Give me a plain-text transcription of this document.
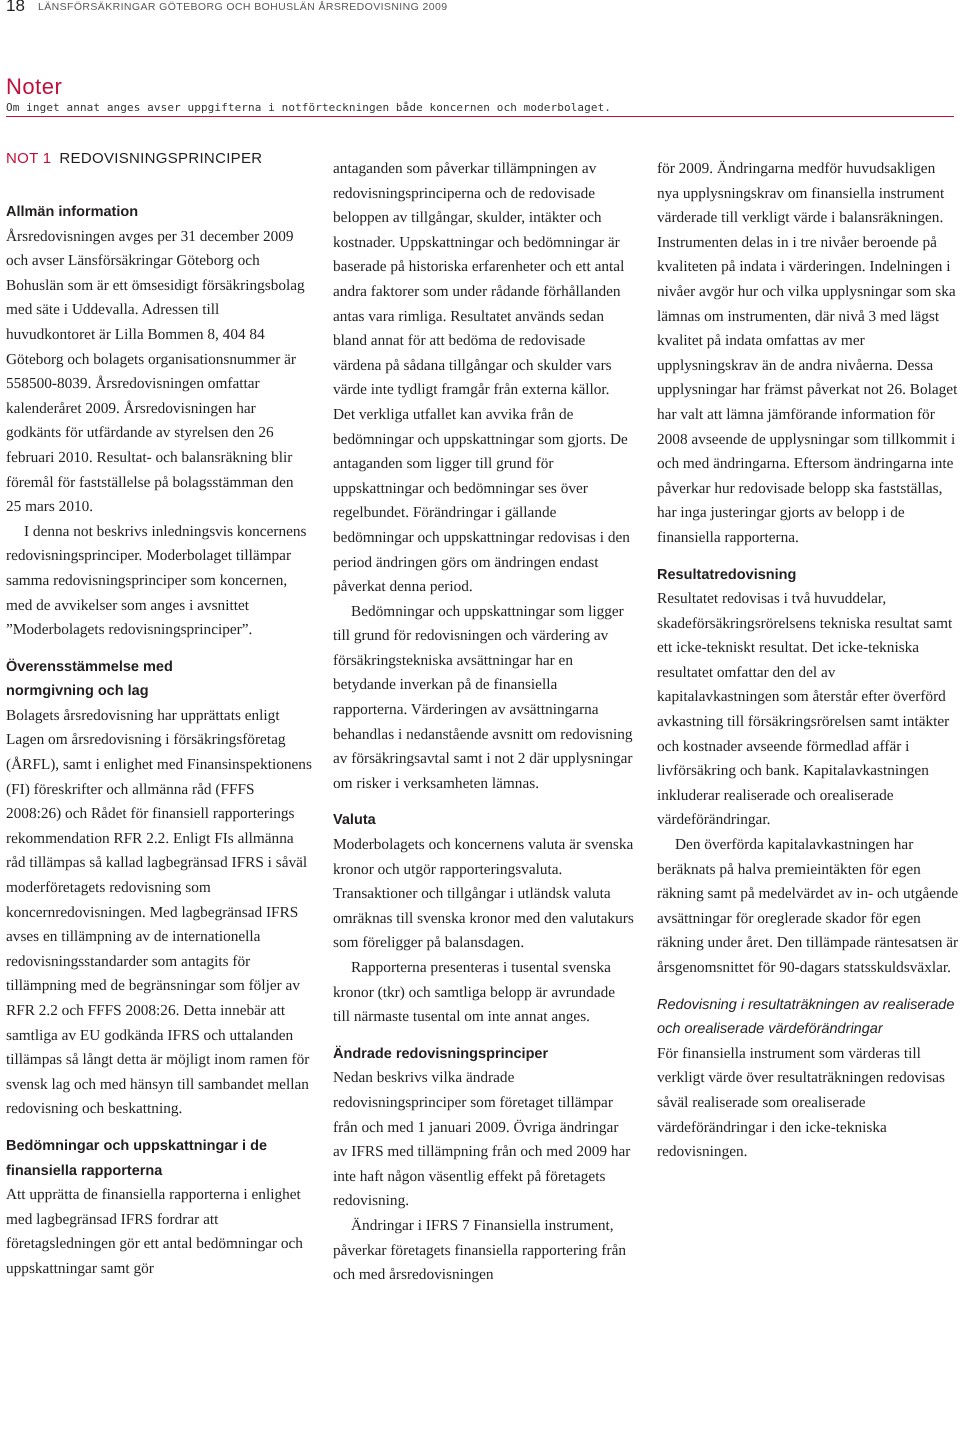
18 LÄNSFÖRSÄKRINGAR GÖTEBORG OCH BOHUSLÄN ÅRSREDOVISNING 2009
Noter
Om inget annat anges avser uppgifterna i notförteckningen både koncernen och moderbolaget.
NOT 1 REDOVISNINGSPRINCIPER
Allmän information

Årsredovisningen avges per 31 december 2009 och avser Länsförsäkringar Göteborg och Bohuslän som är ett ömsesidigt försäkringsbolag med säte i Uddevalla. Adressen till huvudkontoret är Lilla Bommen 8, 404 84 Göteborg och bolagets organisationsnummer är 558500-8039. Årsredovisningen omfattar kalenderåret 2009. Årsredovisningen har godkänts för utfärdande av styrelsen den 26 februari 2010. Resultat- och balansräkning blir föremål för fastställelse på bolagsstämman den 25 mars 2010.

I denna not beskrivs inledningsvis koncernens redovisningsprinciper. Moderbolaget tillämpar samma redovisningsprinciper som koncernen, med de avvikelser som anges i avsnittet ”Moderbolagets redovisningsprinciper”.

Överensstämmelse med normgivning och lag

Bolagets årsredovisning har upprättats enligt Lagen om årsredovisning i försäkringsföretag (ÅRFL), samt i enlighet med Finansinspektionens (FI) föreskrifter och allmänna råd (FFFS 2008:26) och Rådet för finansiell rapporterings rekommendation RFR 2.2. Enligt FIs allmänna råd tillämpas så kallad lagbegränsad IFRS i såväl moderföretagets redovisning som koncernredovisningen. Med lagbegränsad IFRS avses en tillämpning av de internationella redovisningsstandarder som antagits för tillämpning med de begränsningar som följer av RFR 2.2 och FFFS 2008:26. Detta innebär att samtliga av EU godkända IFRS och uttalanden tillämpas så långt detta är möjligt inom ramen för svensk lag och med hänsyn till sambandet mellan redovisning och beskattning.

Bedömningar och uppskattningar i de finansiella rapporterna

Att upprätta de finansiella rapporterna i enlighet med lagbegränsad IFRS fordrar att företagsledningen gör ett antal bedömningar och uppskattningar samt gör

antaganden som påverkar tillämpningen av redovisningsprinciperna och de redovisade beloppen av tillgångar, skulder, intäkter och kostnader. Uppskattningar och bedömningar är baserade på historiska erfarenheter och ett antal andra faktorer som under rådande förhållanden antas vara rimliga. Resultatet används sedan bland annat för att bedöma de redovisade värdena på sådana tillgångar och skulder vars värde inte tydligt framgår från externa källor. Det verkliga utfallet kan avvika från de bedömningar och uppskattningar som gjorts. De antaganden som ligger till grund för uppskattningar och bedömningar ses över regelbundet. Förändringar i gällande bedömningar och uppskattningar redovisas i den period ändringen görs om ändringen endast påverkat denna period.

Bedömningar och uppskattningar som ligger till grund för redovisningen och värdering av försäkringstekniska avsättningar har en betydande inverkan på de finansiella rapporterna. Värderingen av avsättningarna behandlas i nedanstående avsnitt om redovisning av försäkringsavtal samt i not 2 där upplysningar om risker i verksamheten lämnas.

Valuta

Moderbolagets och koncernens valuta är svenska kronor och utgör rapporteringsvaluta. Transaktioner och tillgångar i utländsk valuta omräknas till svenska kronor med den valutakurs som föreligger på balansdagen.

Rapporterna presenteras i tusental svenska kronor (tkr) och samtliga belopp är avrundade till närmaste tusental om inte annat anges.

Ändrade redovisningsprinciper

Nedan beskrivs vilka ändrade redovisningsprinciper som företaget tillämpar från och med 1 januari 2009. Övriga ändringar av IFRS med tillämpning från och med 2009 har inte haft någon väsentlig effekt på företagets redovisning.

Ändringar i IFRS 7 Finansiella instrument, påverkar företagets finansiella rapportering från och med årsredovisningen

för 2009. Ändringarna medför huvudsakligen nya upplysningskrav om finansiella instrument värderade till verkligt värde i balansräkningen. Instrumenten delas in i tre nivåer beroende på kvaliteten på indata i värderingen. Indelningen i nivåer avgör hur och vilka upplysningar som ska lämnas om instrumenten, där nivå 3 med lägst kvalitet på indata omfattas av mer upplysningskrav än de andra nivåerna. Dessa upplysningar har främst påverkat not 26. Bolaget har valt att lämna jämförande information för 2008 avseende de upplysningar som tillkommit i och med ändringarna. Eftersom ändringarna inte påverkar hur redovisade belopp ska fastställas, har inga justeringar gjorts av belopp i de finansiella rapporterna.

Resultatredovisning

Resultatet redovisas i två huvuddelar, skadeförsäkringsrörelsens tekniska resultat samt ett icke-tekniskt resultat. Det icke-tekniska resultatet omfattar den del av kapitalavkastningen som återstår efter överförd avkastning till försäkringsrörelsen samt intäkter och kostnader avseende förmedlad affär i livförsäkring och bank. Kapitalavkastningen inkluderar realiserade och orealiserade värdeförändringar.

Den överförda kapitalavkastningen har beräknats på halva premieintäkten för egen räkning samt på medelvärdet av in- och utgående avsättningar för oreglerade skador för egen räkning under året. Den tillämpade räntesatsen är årsgenomsnittet för 90-dagars statsskuldsväxlar.

Redovisning i resultaträkningen av realiserade och orealiserade värdeförändringar

För finansiella instrument som värderas till verkligt värde över resultaträkningen redovisas såväl realiserade som orealiserade värdeförändringar i den icke-tekniska redovisningen.
